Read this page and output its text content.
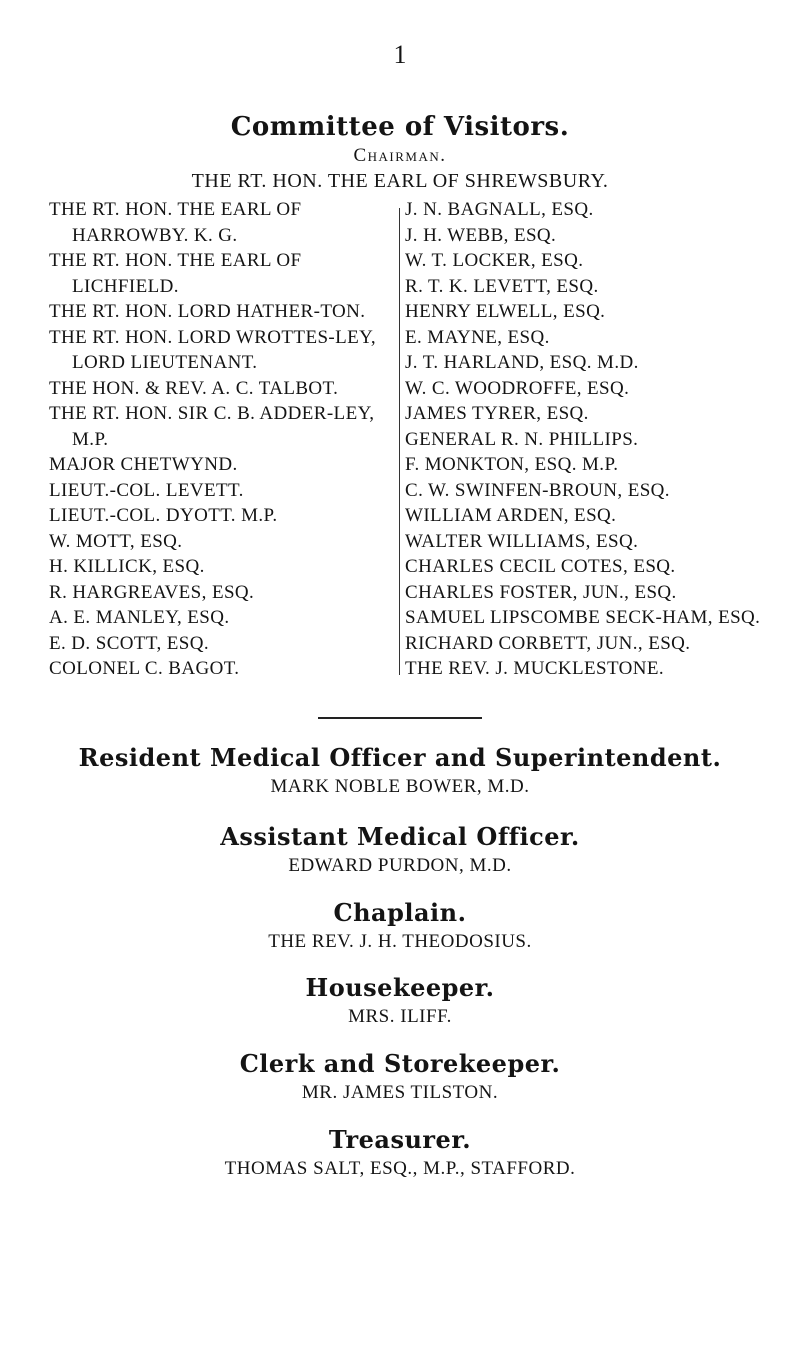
1
Committee of Visitors.
Chairman.
THE RT. HON. THE EARL OF SHREWSBURY.
THE RT. HON. THE EARL OF HARROWBY. K. G.
THE RT. HON. THE EARL OF LICHFIELD.
THE RT. HON. LORD HATHER-TON.
THE RT. HON. LORD WROTTES-LEY, LORD LIEUTENANT.
THE HON. & REV. A. C. TALBOT.
THE RT. HON. SIR C. B. ADDER-LEY, M.P.
MAJOR CHETWYND.
LIEUT.-COL. LEVETT.
LIEUT.-COL. DYOTT. M.P.
W. MOTT, ESQ.
H. KILLICK, ESQ.
R. HARGREAVES, ESQ.
A. E. MANLEY, ESQ.
E. D. SCOTT, ESQ.
COLONEL C. BAGOT.
J. N. BAGNALL, ESQ.
J. H. WEBB, ESQ.
W. T. LOCKER, ESQ.
R. T. K. LEVETT, ESQ.
HENRY ELWELL, ESQ.
E. MAYNE, ESQ.
J. T. HARLAND, ESQ. M.D.
W. C. WOODROFFE, ESQ.
JAMES TYRER, ESQ.
GENERAL R. N. PHILLIPS.
F. MONKTON, ESQ. M.P.
C. W. SWINFEN-BROUN, ESQ.
WILLIAM ARDEN, ESQ.
WALTER WILLIAMS, ESQ.
CHARLES CECIL COTES, ESQ.
CHARLES FOSTER, JUN., ESQ.
SAMUEL LIPSCOMBE SECK-HAM, ESQ.
RICHARD CORBETT, JUN., ESQ.
THE REV. J. MUCKLESTONE.
Resident Medical Officer and Superintendent.
MARK NOBLE BOWER, M.D.
Assistant Medical Officer.
EDWARD PURDON, M.D.
Chaplain.
THE REV. J. H. THEODOSIUS.
Housekeeper.
MRS. ILIFF.
Clerk and Storekeeper.
MR. JAMES TILSTON.
Treasurer.
THOMAS SALT, ESQ., M.P., STAFFORD.
